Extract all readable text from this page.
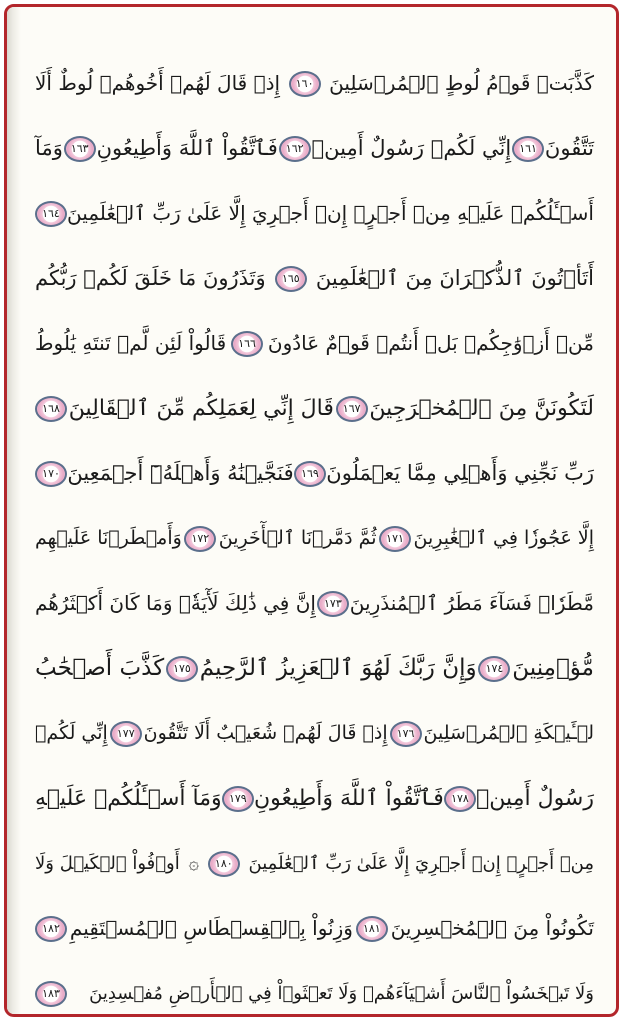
كَذَّبَتۡ قَوۡمُ لُوطٍ ٱلۡمُرۡسَلِينَ
١٦٠
إِذۡ قَالَ لَهُمۡ أَخُوهُمۡ لُوطٌ أَلَا
تَتَّقُونَ
١٦١
إِنِّي لَكُمۡ رَسُولٌ أَمِينٞ
١٦٢
فَٱتَّقُواْ ٱللَّهَ وَأَطِيعُونِ
١٦٣
وَمَآ
أَسۡـَٔلُكُمۡ عَلَيۡهِ مِنۡ أَجۡرٍۖ إِنۡ أَجۡرِيَ إِلَّا عَلَىٰ رَبِّ ٱلۡعَٰلَمِينَ
١٦٤
أَتَأۡتُونَ ٱلذُّكۡرَانَ مِنَ ٱلۡعَٰلَمِينَ
١٦٥
وَتَذَرُونَ مَا خَلَقَ لَكُمۡ رَبُّكُم
مِّنۡ أَزۡوَٰجِكُمۚ بَلۡ أَنتُمۡ قَوۡمٌ عَادُونَ
١٦٦
قَالُواْ لَئِن لَّمۡ تَنتَهِ يَٰلُوطُ
لَتَكُونَنَّ مِنَ ٱلۡمُخۡرَجِينَ
١٦٧
قَالَ إِنِّي لِعَمَلِكُم مِّنَ ٱلۡقَالِينَ
١٦٨
رَبِّ نَجِّنِي وَأَهۡلِي مِمَّا يَعۡمَلُونَ
١٦٩
فَنَجَّيۡنَٰهُ وَأَهۡلَهُۥٓ أَجۡمَعِينَ
١٧٠
إِلَّا عَجُوزٗا فِي ٱلۡغَٰبِرِينَ
١٧١
ثُمَّ دَمَّرۡنَا ٱلۡأٓخَرِينَ
١٧٢
وَأَمۡطَرۡنَا عَلَيۡهِم
مَّطَرٗاۖ فَسَآءَ مَطَرُ ٱلۡمُنذَرِينَ
١٧٣
إِنَّ فِي ذَٰلِكَ لَأٓيَةٗۖ وَمَا كَانَ أَكۡثَرُهُم
مُّؤۡمِنِينَ
١٧٤
وَإِنَّ رَبَّكَ لَهُوَ ٱلۡعَزِيزُ ٱلرَّحِيمُ
١٧٥
كَذَّبَ أَصۡحَٰبُ
لۡـَٔيۡكَةِ ٱلۡمُرۡسَلِينَ
١٧٦
إِذۡ قَالَ لَهُمۡ شُعَيۡبٌ أَلَا تَتَّقُونَ
١٧٧
إِنِّي لَكُمۡ
رَسُولٌ أَمِينٞ
١٧٨
فَٱتَّقُواْ ٱللَّهَ وَأَطِيعُونِ
١٧٩
وَمَآ أَسۡـَٔلُكُمۡ عَلَيۡهِ
مِنۡ أَجۡرٍۖ إِنۡ أَجۡرِيَ إِلَّا عَلَىٰ رَبِّ ٱلۡعَٰلَمِينَ
١٨٠
۞
أَوۡفُواْ ٱلۡكَيۡلَ وَلَا
تَكُونُواْ مِنَ ٱلۡمُخۡسِرِينَ
١٨١
وَزِنُواْ بِٱلۡقِسۡطَاسِ ٱلۡمُسۡتَقِيمِ
١٨٢
وَلَا تَبۡخَسُواْ ٱلنَّاسَ أَشۡيَآءَهُمۡ وَلَا تَعۡثَوۡاْ فِي ٱلۡأَرۡضِ مُفۡسِدِينَ
١٨٣
